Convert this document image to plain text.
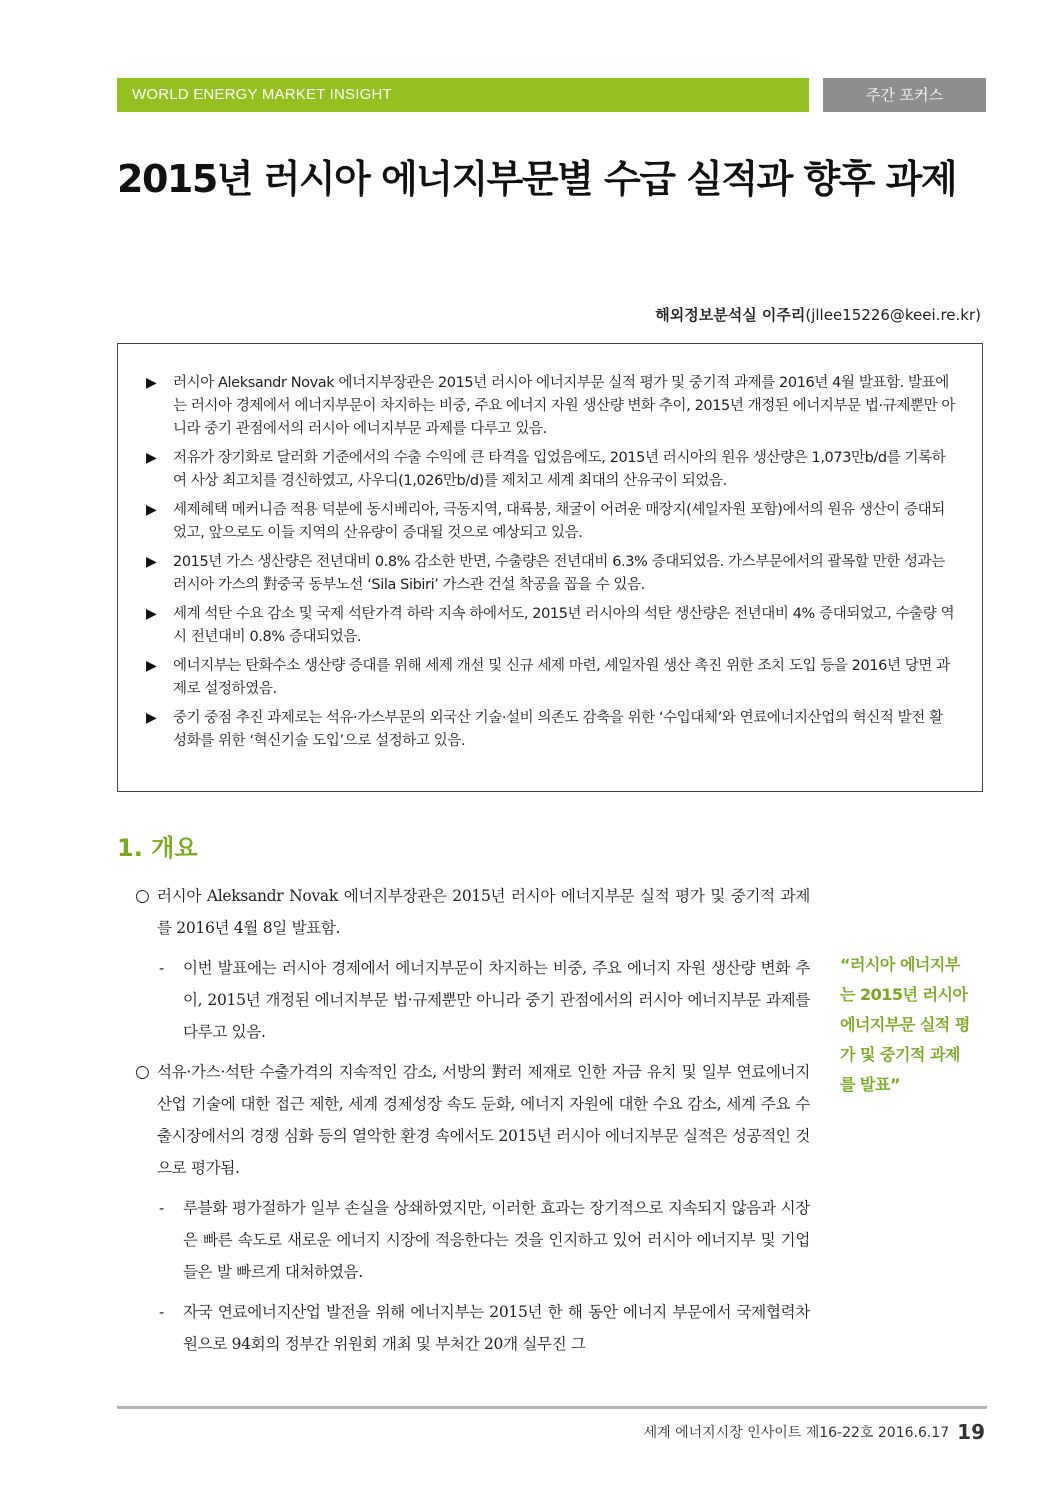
WORLD ENERGY MARKET INSIGHT	주간 포커스
2015년 러시아 에너지부문별 수급 실적과 향후 과제
해외정보분석실 이주리(jllee15226@keei.re.kr)
▶ 러시아 Aleksandr Novak 에너지부장관은 2015년 러시아 에너지부문 실적 평가 및 중기적 과제를 2016년 4월 발표함. 발표에는 러시아 경제에서 에너지부문이 차지하는 비중, 주요 에너지 자원 생산량 변화 추이, 2015년 개정된 에너지부문 법·규제뿐만 아니라 중기 관점에서의 러시아 에너지부문 과제를 다루고 있음.
▶ 저유가 장기화로 달러화 기준에서의 수출 수익에 큰 타격을 입었음에도, 2015년 러시아의 원유 생산량은 1,073만b/d를 기록하여 사상 최고치를 경신하였고, 사우디(1,026만b/d)를 제치고 세계 최대의 산유국이 되었음.
▶ 세제혜택 메커니즘 적용 덕분에 동시베리아, 극동지역, 대륙붕, 채굴이 어려운 매장지(셰일자원 포함)에서의 원유 생산이 증대되었고, 앞으로도 이들 지역의 산유량이 증대될 것으로 예상되고 있음.
▶ 2015년 가스 생산량은 전년대비 0.8% 감소한 반면, 수출량은 전년대비 6.3% 증대되었음. 가스부문에서의 괄목할 만한 성과는 러시아 가스의 對중국 동부노선 ‘Sila Sibiri’ 가스관 건설 착공을 꼽을 수 있음.
▶ 세계 석탄 수요 감소 및 국제 석탄가격 하락 지속 하에서도, 2015년 러시아의 석탄 생산량은 전년대비 4% 증대되었고, 수출량 역시 전년대비 0.8% 증대되었음.
▶ 에너지부는 탄화수소 생산량 증대를 위해 세제 개선 및 신규 세제 마련, 셰일자원 생산 촉진 위한 조치 도입 등을 2016년 당면 과제로 설정하였음.
▶ 중기 중점 추진 과제로는 석유·가스부문의 외국산 기술·설비 의존도 감축을 위한 ‘수입대체’와 연료에너지산업의 혁신적 발전 활성화를 위한 ‘혁신기술 도입’으로 설정하고 있음.
1. 개요

○ 러시아 Aleksandr Novak 에너지부장관은 2015년 러시아 에너지부문 실적 평가 및 중기적 과제를 2016년 4월 8일 발표함.

- 이번 발표에는 러시아 경제에서 에너지부문이 차지하는 비중, 주요 에너지 자원 생산량 변화 추이, 2015년 개정된 에너지부문 법·규제뿐만 아니라 중기 관점에서의 러시아 에너지부문 과제를 다루고 있음.

○ 석유·가스·석탄 수출가격의 지속적인 감소, 서방의 對러 제재로 인한 자금 유치 및 일부 연료에너지산업 기술에 대한 접근 제한, 세계 경제성장 속도 둔화, 에너지 자원에 대한 수요 감소, 세계 주요 수출시장에서의 경쟁 심화 등의 열악한 환경 속에서도 2015년 러시아 에너지부문 실적은 성공적인 것으로 평가됨.

- 루블화 평가절하가 일부 손실을 상쇄하였지만, 이러한 효과는 장기적으로 지속되지 않음과 시장은 빠른 속도로 새로운 에너지 시장에 적응한다는 것을 인지하고 있어 러시아 에너지부 및 기업들은 발 빠르게 대처하였음.

- 자국 연료에너지산업 발전을 위해 에너지부는 2015년 한 해 동안 에너지 부문에서 국제협력차원으로 94회의 정부간 위원회 개최 및 부처간 20개 실무진 그

“러시아 에너지부는 2015년 러시아 에너지부문 실적 평가 및 중기적 과제를 발표”
세계 에너지시장 인사이트 제16-22호 2016.6.17 19
